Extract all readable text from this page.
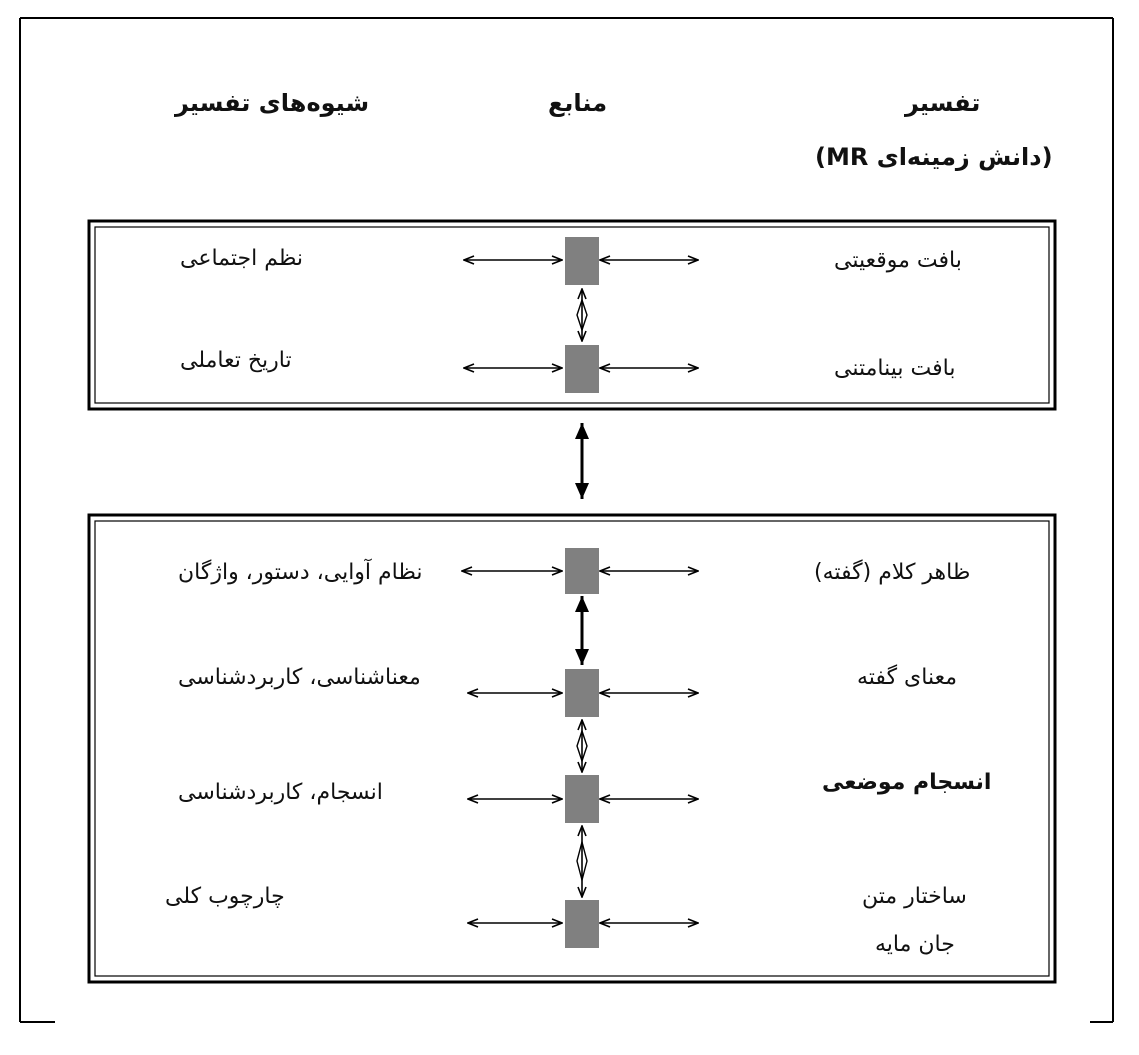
شیوه‌های تفسیر	منابع	تفسیر
(دانش زمینه‌ای MR)
بافت موقعیتی
نظم اجتماعی
بافت بینامتنی
تاریخ تعاملی
ظاهر کلام (گفته)
نظام آوایی، دستور، واژگان
معنای گفته
معناشناسی، کاربردشناسی
انسجام موضعی
انسجام، کاربردشناسی
ساختار متن
جان مایه
چارچوب کلی
